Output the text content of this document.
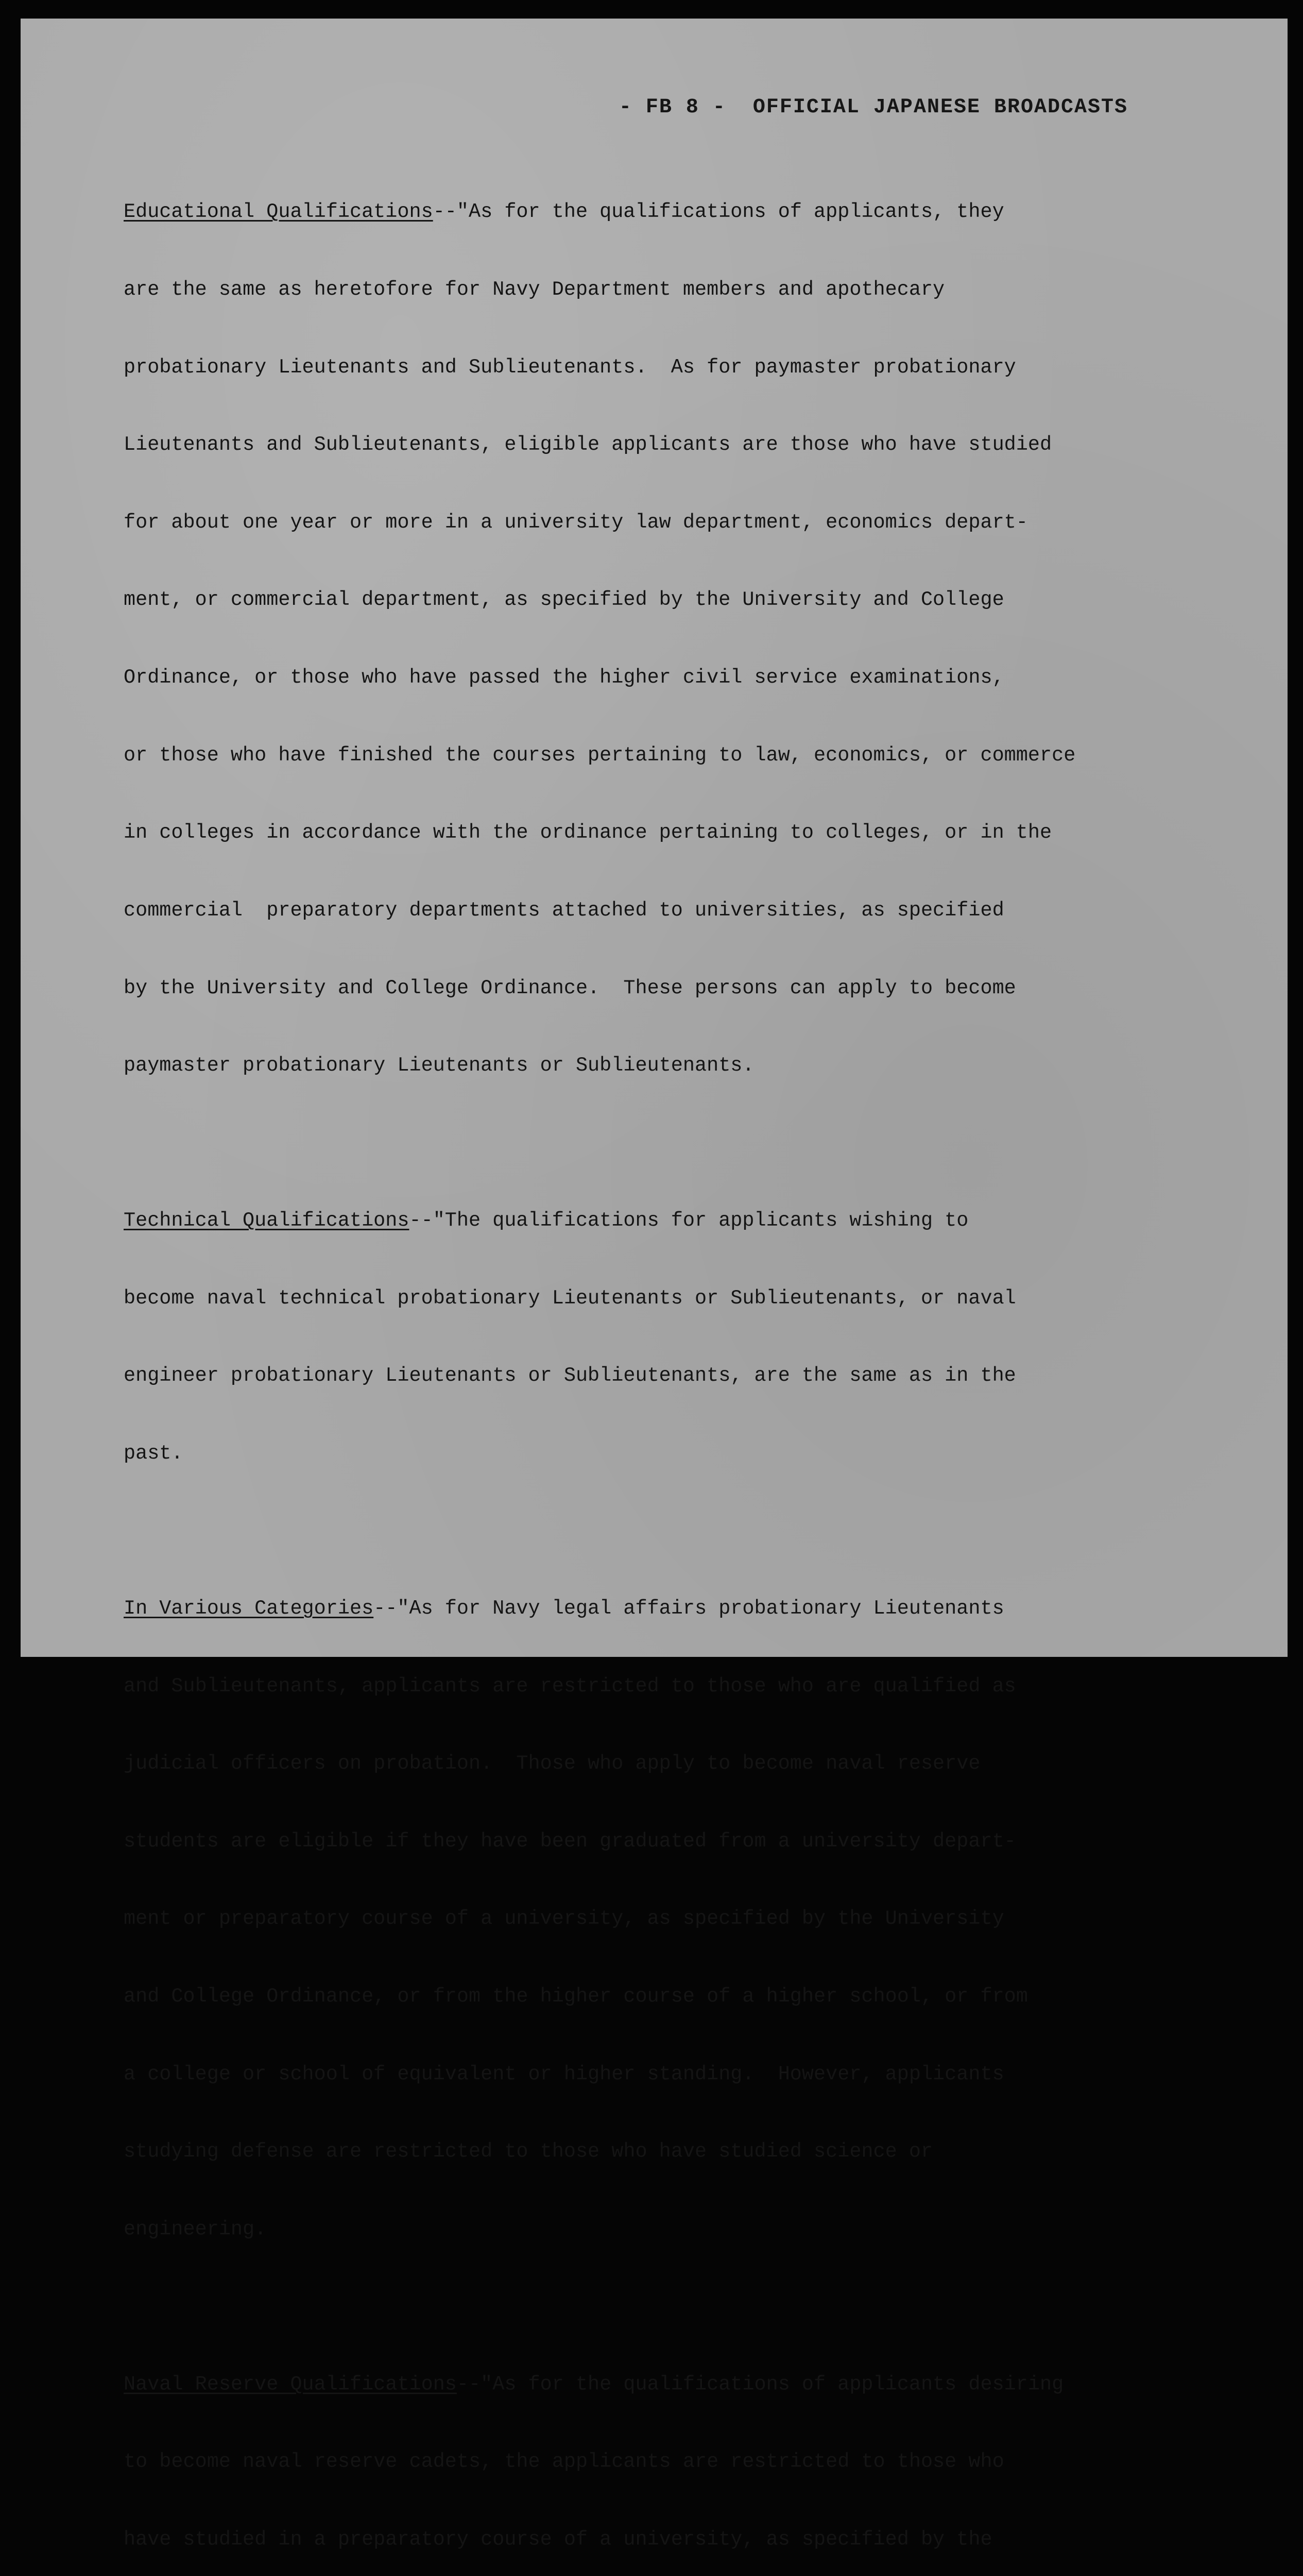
- FB 8 - OFFICIAL JAPANESE BROADCASTS

Educational Qualifications--"As for the qualifications of applicants, they

are the same as heretofore for Navy Department members and apothecary

probationary Lieutenants and Sublieutenants.  As for paymaster probationary

Lieutenants and Sublieutenants, eligible applicants are those who have studied

for about one year or more in a university law department, economics depart-

ment, or commercial department, as specified by the University and College

Ordinance, or those who have passed the higher civil service examinations,

or those who have finished the courses pertaining to law, economics, or commerce

in colleges in accordance with the ordinance pertaining to colleges, or in the

commercial  preparatory departments attached to universities, as specified

by the University and College Ordinance.  These persons can apply to become

paymaster probationary Lieutenants or Sublieutenants.

Technical Qualifications--"The qualifications for applicants wishing to

become naval technical probationary Lieutenants or Sublieutenants, or naval

engineer probationary Lieutenants or Sublieutenants, are the same as in the

past.

In Various Categories--"As for Navy legal affairs probationary Lieutenants

and Sublieutenants, applicants are restricted to those who are qualified as

judicial officers on probation.  Those who apply to become naval reserve

students are eligible if they have been graduated from a university depart-

ment or preparatory course of a university, as specified by the University

and College Ordinance, or from the higher course of a higher school, or from

a college or school of equivalent or higher standing.  However, applicants

studying defense are restricted to those who have studied science or

engineering.

Naval Reserve Qualifications--"As for the qualifications of applicants desiring

to become naval reserve cadets, the applicants are restricted to those who

have studied in a preparatory course of a university, as specified by the
